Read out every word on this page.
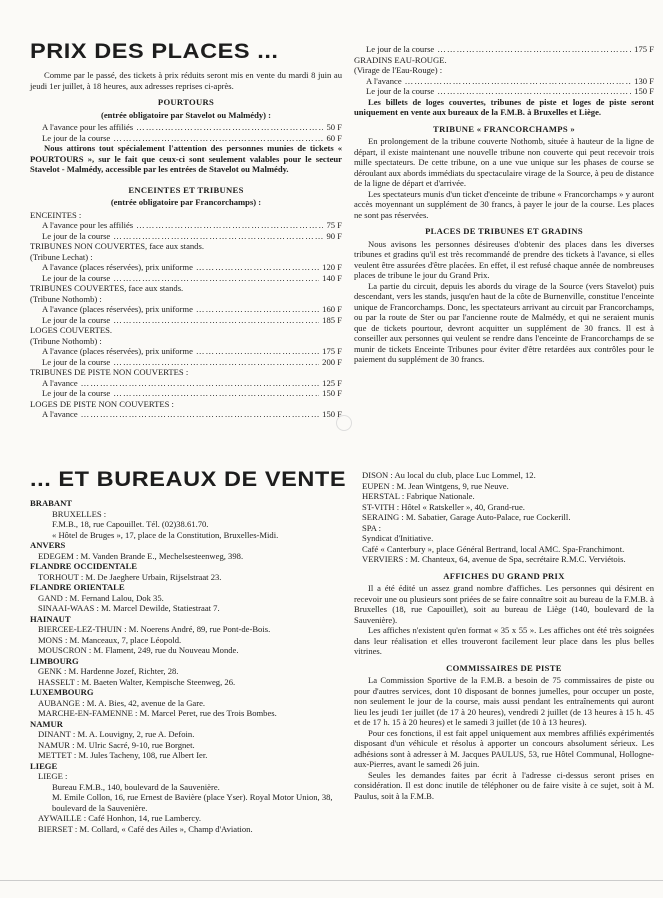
PRIX DES PLACES ...

Comme par le passé, des tickets à prix réduits seront mis en vente du mardi 8 juin au jeudi 1er juillet, à 18 heures, aux adresses reprises ci-après.

POURTOURS
(entrée obligatoire par Stavelot ou Malmédy) :
A l'avance pour les affiliés ……………………………………………………………………………………………………………………	50 F
Le jour de la course ……………………………………………………………………………………………………………………	60 F

Nous attirons tout spécialement l'attention des personnes munies de tickets « POURTOURS », sur le fait que ceux-ci sont seulement valables pour le secteur Stavelot - Malmédy, accessible par les entrées de Stavelot ou Malmédy.

ENCEINTES ET TRIBUNES
(entrée obligatoire par Francorchamps) :
ENCEINTES :
A l'avance pour les affiliés ……………………………………………………………………………………………………………………	75 F
Le jour de la course ……………………………………………………………………………………………………………………	90 F
TRIBUNES NON COUVERTES, face aux stands.
(Tribune Lechat) :
A l'avance (places réservées), prix uniforme ……………………………………………………………………………………………………………………	120 F
Le jour de la course ……………………………………………………………………………………………………………………	140 F
TRIBUNES COUVERTES, face aux stands.
(Tribune Nothomb) :
A l'avance (places réservées), prix uniforme ……………………………………………………………………………………………………………………	160 F
Le jour de la course ……………………………………………………………………………………………………………………	185 F
LOGES COUVERTES.
(Tribune Nothomb) :
A l'avance (places réservées), prix uniforme ……………………………………………………………………………………………………………………	175 F
Le jour de la course ……………………………………………………………………………………………………………………	200 F
TRIBUNES DE PISTE NON COUVERTES :
A l'avance ……………………………………………………………………………………………………………………	125 F
Le jour de la course ……………………………………………………………………………………………………………………	150 F
LOGES DE PISTE NON COUVERTES :
A l'avance ……………………………………………………………………………………………………………………	150 F
Le jour de la course ……………………………………………………………………………………………………………………	175 F
GRADINS EAU-ROUGE.
(Virage de l'Eau-Rouge) :
A l'avance ……………………………………………………………………………………………………………………	130 F
Le jour de la course ……………………………………………………………………………………………………………………	150 F

Les billets de loges couvertes, tribunes de piste et loges de piste seront uniquement en vente aux bureaux de la F.M.B. à Bruxelles et Liège.

TRIBUNE « FRANCORCHAMPS »

En prolongement de la tribune couverte Nothomb, située à hauteur de la ligne de départ, il existe maintenant une nouvelle tribune non couverte qui peut recevoir trois mille spectateurs. De cette tribune, on a une vue unique sur les phases de course se déroulant aux abords immédiats du spectaculaire virage de la Source, à peu de distance de la ligne de départ et d'arrivée.

Les spectateurs munis d'un ticket d'enceinte de tribune « Francorchamps » y auront accès moyennant un supplément de 30 francs, à payer le jour de la course. Les places ne sont pas réservées.

PLACES DE TRIBUNES ET GRADINS

Nous avisons les personnes désireuses d'obtenir des places dans les diverses tribunes et gradins qu'il est très recommandé de prendre des tickets à l'avance, si elles veulent être assurées d'être placées. En effet, il est refusé chaque année de nombreuses places de tribune le jour du Grand Prix.

La partie du circuit, depuis les abords du virage de la Source (vers Stavelot) puis descendant, vers les stands, jusqu'en haut de la côte de Burnenville, constitue l'enceinte unique de Francorchamps. Donc, les spectateurs arrivant au circuit par Francorchamps, ou par la route de Ster ou par l'ancienne route de Malmédy, et qui ne seraient munis que de tickets pourtour, devront acquitter un supplément de 30 francs. Il est à conseiller aux personnes qui veulent se rendre dans l'enceinte de Francorchamps de se munir de tickets Enceinte Tribunes pour éviter d'être retardées aux contrôles pour le paiement du supplément de 30 francs.

... ET BUREAUX DE VENTE
BRABANT
BRUXELLES :
F.M.B., 18, rue Capouillet. Tél. (02)38.61.70.
« Hôtel de Bruges », 17, place de la Constitution, Bruxelles-Midi.
ANVERS
EDEGEM : M. Vanden Brande E., Mechelsesteenweg, 398.
FLANDRE OCCIDENTALE
TORHOUT : M. De Jaeghere Urbain, Rijselstraat 23.
FLANDRE ORIENTALE
GAND : M. Fernand Lalou, Dok 35.
SINAAI-WAAS : M. Marcel Dewilde, Statiestraat 7.
HAINAUT
BIERCEE-LEZ-THUIN : M. Noerens André, 89, rue Pont-de-Bois.
MONS : M. Manceaux, 7, place Léopold.
MOUSCRON : M. Flament, 249, rue du Nouveau Monde.
LIMBOURG
GENK : M. Hardenne Jozef, Richter, 28.
HASSELT : M. Baeten Walter, Kempische Steenweg, 26.
LUXEMBOURG
AUBANGE : M. A. Bies, 42, avenue de la Gare.
MARCHE-EN-FAMENNE : M. Marcel Peret, rue des Trois Bombes.
NAMUR
DINANT : M. A. Louvigny, 2, rue A. Defoin.
NAMUR : M. Ulric Sacré, 9-10, rue Borgnet.
METTET : M. Jules Tacheny, 108, rue Albert Ier.
LIEGE
LIEGE :
Bureau F.M.B., 140, boulevard de la Sauvenière.
M. Emile Collon, 16, rue Ernest de Bavière (place Yser). Royal Motor Union, 38, boulevard de la Sauvenière.
AYWAILLE : Café Honhon, 14, rue Lambercy.
BIERSET : M. Collard, « Café des Ailes », Champ d'Aviation.
DISON : Au local du club, place Luc Lommel, 12.
EUPEN : M. Jean Wintgens, 9, rue Neuve.
HERSTAL : Fabrique Nationale.
ST-VITH : Hôtel « Ratskeller », 40, Grand-rue.
SERAING : M. Sabatier, Garage Auto-Palace, rue Cockerill.
SPA :
Syndicat d'Initiative.
Café « Canterbury », place Général Bertrand, local AMC. Spa-Franchimont.
VERVIERS : M. Chanteux, 64, avenue de Spa, secrétaire R.M.C. Verviétois.
AFFICHES DU GRAND PRIX

Il a été édité un assez grand nombre d'affiches. Les personnes qui désirent en recevoir une ou plusieurs sont priées de se faire connaître soit au bureau de la F.M.B. à Bruxelles (18, rue Capouillet), soit au bureau de Liège (140, boulevard de la Sauvenière).

Les affiches n'existent qu'en format « 35 x 55 ». Les affiches ont été très soignées dans leur réalisation et elles trouveront facilement leur place dans les plus belles vitrines.

COMMISSAIRES DE PISTE

La Commission Sportive de la F.M.B. a besoin de 75 commissaires de piste ou pour d'autres services, dont 10 disposant de bonnes jumelles, pour occuper un poste, non seulement le jour de la course, mais aussi pendant les entraînements qui auront lieu les jeudi 1er juillet (de 17 à 20 heures), vendredi 2 juillet (de 13 heures à 15 h. 45 et de 17 h. 15 à 20 heures) et le samedi 3 juillet (de 10 à 13 heures).

Pour ces fonctions, il est fait appel uniquement aux membres affiliés expérimentés disposant d'un véhicule et résolus à apporter un concours absolument sérieux. Les adhésions sont à adresser à M. Jacques PAULUS, 53, rue Hôtel Communal, Hollogne-aux-Pierres, avant le samedi 26 juin.

Seules les demandes faites par écrit à l'adresse ci-dessus seront prises en considération. Il est donc inutile de téléphoner ou de faire visite à ce sujet, soit à M. Paulus, soit à la F.M.B.
